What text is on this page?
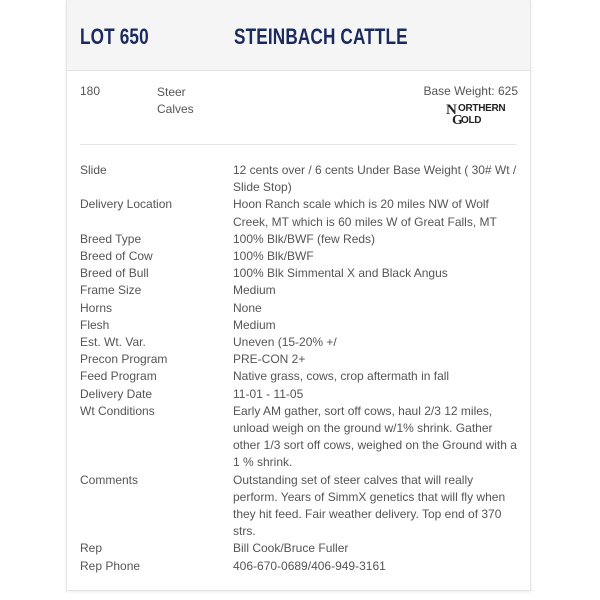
LOT 650	STEINBACH CATTLE
180	Steer
Calves
Base Weight: 625
N ORTHERN
G
OLD
Slide	12 cents over / 6 cents Under Base Weight ( 30# Wt / Slide Stop)
Delivery Location	Hoon Ranch scale which is 20 miles NW of Wolf Creek, MT which is 60 miles W of Great Falls, MT
Breed Type	100% Blk/BWF (few Reds)
Breed of Cow	100% Blk/BWF
Breed of Bull	100% Blk Simmental X and Black Angus
Frame Size	Medium
Horns	None
Flesh	Medium
Est. Wt. Var.	Uneven (15-20% +/
Precon Program	PRE-CON 2+
Feed Program	Native grass, cows, crop aftermath in fall
Delivery Date	11-01 - 11-05
Wt Conditions	Early AM gather, sort off cows, haul 2/3 12 miles, unload weigh on the ground w/1% shrink. Gather other 1/3 sort off cows, weighed on the Ground with a 1 % shrink.
Comments	Outstanding set of steer calves that will really perform. Years of SimmX genetics that will fly when they hit feed. Fair weather delivery. Top end of 370 strs.
Rep	Bill Cook/Bruce Fuller
Rep Phone	406-670-0689/406-949-3161
